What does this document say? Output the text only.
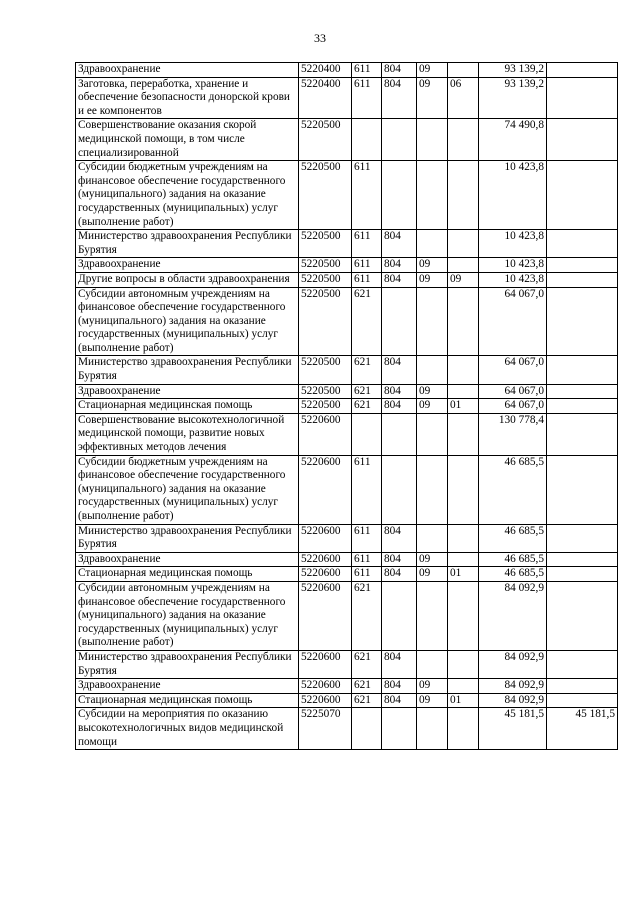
33
Здравоохранение	5220400	611	804	09		93 139,2	
Заготовка, переработка, хранение и обеспечение безопасности донорской крови и ее компонентов	5220400	611	804	09	06	93 139,2	
Совершенствование оказания скорой медицинской помощи, в том числе специализированной	5220500					74 490,8	
Субсидии бюджетным учреждениям на финансовое обеспечение государственного (муниципального) задания на оказание государственных (муниципальных) услуг (выполнение работ)	5220500	611				10 423,8	
Министерство здравоохранения Республики Бурятия	5220500	611	804			10 423,8	
Здравоохранение	5220500	611	804	09		10 423,8	
Другие вопросы в области здравоохранения	5220500	611	804	09	09	10 423,8	
Субсидии автономным учреждениям на финансовое обеспечение государственного (муниципального) задания на оказание государственных (муниципальных) услуг (выполнение работ)	5220500	621				64 067,0	
Министерство здравоохранения Республики Бурятия	5220500	621	804			64 067,0	
Здравоохранение	5220500	621	804	09		64 067,0	
Стационарная медицинская помощь	5220500	621	804	09	01	64 067,0	
Совершенствование высокотехнологичной медицинской помощи, развитие новых эффективных методов лечения	5220600					130 778,4	
Субсидии бюджетным учреждениям на финансовое обеспечение государственного (муниципального) задания на оказание государственных (муниципальных) услуг (выполнение работ)	5220600	611				46 685,5	
Министерство здравоохранения Республики Бурятия	5220600	611	804			46 685,5	
Здравоохранение	5220600	611	804	09		46 685,5	
Стационарная медицинская помощь	5220600	611	804	09	01	46 685,5	
Субсидии автономным учреждениям на финансовое обеспечение государственного (муниципального) задания на оказание государственных (муниципальных) услуг (выполнение работ)	5220600	621				84 092,9	
Министерство здравоохранения Республики Бурятия	5220600	621	804			84 092,9	
Здравоохранение	5220600	621	804	09		84 092,9	
Стационарная медицинская помощь	5220600	621	804	09	01	84 092,9	
Субсидии на мероприятия по оказанию высокотехнологичных видов медицинской помощи	5225070					45 181,5	45 181,5
